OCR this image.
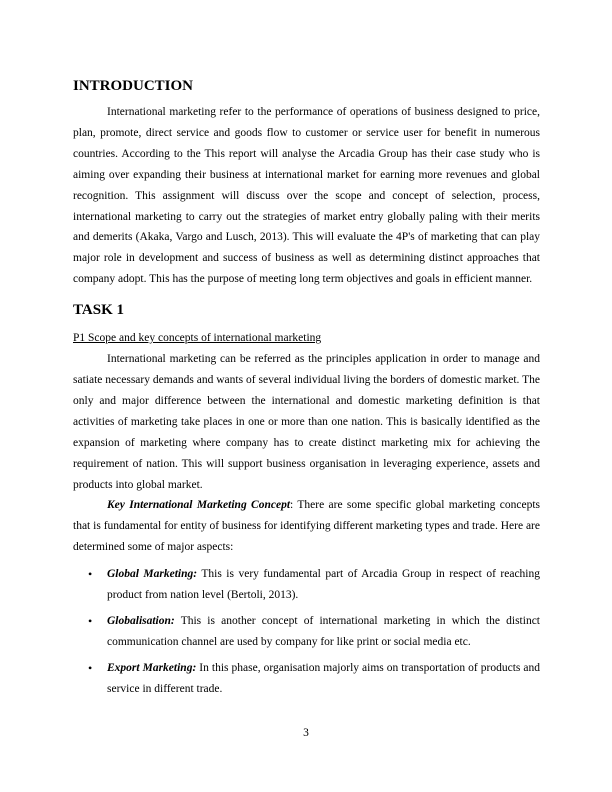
INTRODUCTION

International marketing refer to the performance of operations of business designed to price, plan, promote, direct service and goods flow to customer or service user for benefit in numerous countries. According to the This report will analyse the Arcadia Group has their case study who is aiming over expanding their business at international market for earning more revenues and global recognition. This assignment will discuss over the scope and concept of selection, process, international marketing to carry out the strategies of market entry globally paling with their merits and demerits (Akaka, Vargo and Lusch, 2013). This will evaluate the 4P's of marketing that can play major role in development and success of business as well as determining distinct approaches that company adopt. This has the purpose of meeting long term objectives and goals in efficient manner.

TASK 1

P1 Scope and key concepts of international marketing

International marketing can be referred as the principles application in order to manage and satiate necessary demands and wants of several individual living the borders of domestic market. The only and major difference between the international and domestic marketing definition is that activities of marketing take places in one or more than one nation. This is basically identified as the expansion of marketing where company has to create distinct marketing mix for achieving the requirement of nation. This will support business organisation in leveraging experience, assets and products into global market.

Key International Marketing Concept: There are some specific global marketing concepts that is fundamental for entity of business for identifying different marketing types and trade. Here are determined some of major aspects:

• Global Marketing: This is very fundamental part of Arcadia Group in respect of reaching product from nation level (Bertoli, 2013).
• Globalisation: This is another concept of international marketing in which the distinct communication channel are used by company for like print or social media etc.
• Export Marketing: In this phase, organisation majorly aims on transportation of products and service in different trade.
3
